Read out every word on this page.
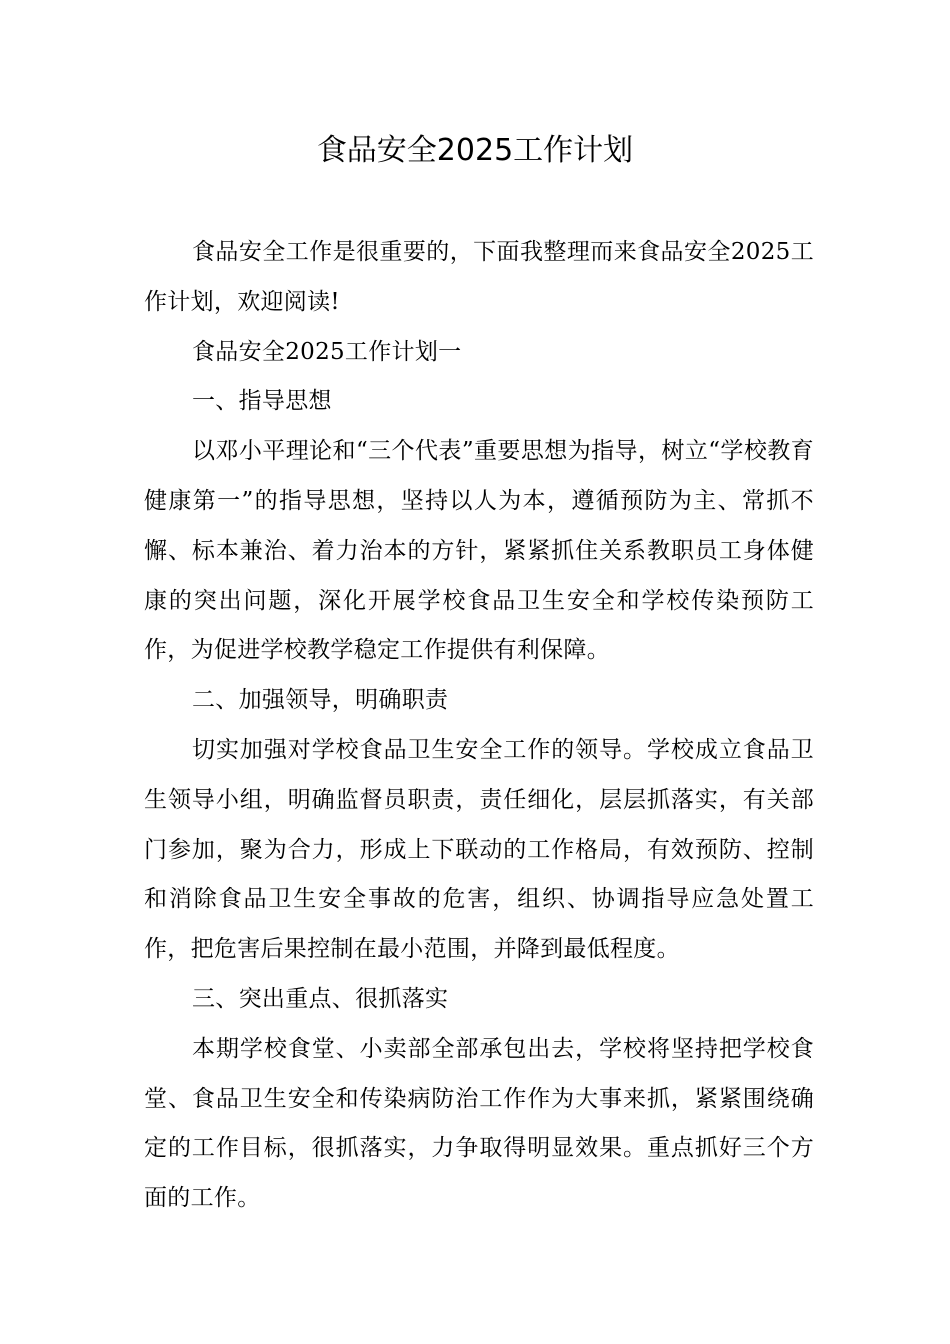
食品安全2025工作计划

食品安全工作是很重要的，下面我整理而来食品安全2025工作计划，欢迎阅读!

食品安全2025工作计划一

一、指导思想

以邓小平理论和“三个代表”重要思想为指导，树立“学校教育健康第一”的指导思想，坚持以人为本，遵循预防为主、常抓不懈、标本兼治、着力治本的方针，紧紧抓住关系教职员工身体健康的突出问题，深化开展学校食品卫生安全和学校传染预防工作，为促进学校教学稳定工作提供有利保障。

二、加强领导，明确职责

切实加强对学校食品卫生安全工作的领导。学校成立食品卫生领导小组，明确监督员职责，责任细化，层层抓落实，有关部门参加，聚为合力，形成上下联动的工作格局，有效预防、控制和消除食品卫生安全事故的危害，组织、协调指导应急处置工作，把危害后果控制在最小范围，并降到最低程度。

三、突出重点、很抓落实

本期学校食堂、小卖部全部承包出去，学校将坚持把学校食堂、食品卫生安全和传染病防治工作作为大事来抓，紧紧围绕确定的工作目标，很抓落实，力争取得明显效果。重点抓好三个方面的工作。
